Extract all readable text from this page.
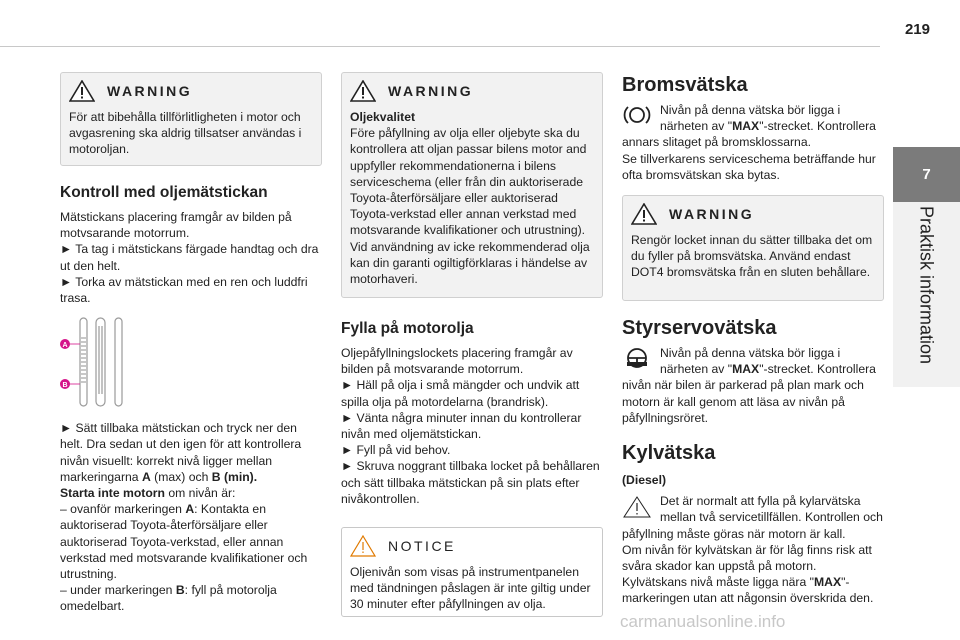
219
7
Praktisk information
WARNING
För att bibehålla tillförlitligheten i motor och avgasrening ska aldrig tillsatser användas i motoroljan.
Kontroll med oljemätstickan
Mätstickans placering framgår av bilden på motvsarande motorrum.
► Ta tag i mätstickans färgade handtag och dra ut den helt.
► Torka av mätstickan med en ren och luddfri trasa.
A
B
► Sätt tillbaka mätstickan och tryck ner den helt. Dra sedan ut den igen för att kontrollera nivån visuellt: korrekt nivå ligger mellan markeringarna A (max) och B (min).
Starta inte motorn om nivån är:
– ovanför markeringen A: Kontakta en auktoriserad Toyota-återförsäljare eller auktoriserad Toyota-verkstad, eller annan verkstad med motsvarande kvalifikationer och utrustning.
– under markeringen B: fyll på motorolja omedelbart.
WARNING
Oljekvalitet
Före påfyllning av olja eller oljebyte ska du kontrollera att oljan passar bilens motor and uppfyller rekommendationerna i bilens serviceschema (eller från din auktoriserade Toyota-återförsäljare eller auktoriserad Toyota-verkstad eller annan verkstad med motsvarande kvalifikationer och utrustning). Vid användning av icke rekommenderad olja kan din garanti ogiltigförklaras i händelse av motorhaveri.
Fylla på motorolja
Oljepåfyllningslockets placering framgår av bilden på motsvarande motorrum.
► Häll på olja i små mängder och undvik att spilla olja på motordelarna (brandrisk).
► Vänta några minuter innan du kontrollerar nivån med oljemätstickan.
► Fyll på vid behov.
► Skruva noggrant tillbaka locket på behållaren och sätt tillbaka mätstickan på sin plats efter nivåkontrollen.
NOTICE
Oljenivån som visas på instrumentpanelen med tändningen påslagen är inte giltig under 30 minuter efter påfyllningen av olja.
Bromsvätska
Nivån på denna vätska bör ligga i närheten av "MAX"-strecket. Kontrollera annars slitaget på bromsklossarna.
Se tillverkarens serviceschema beträffande hur ofta bromsvätskan ska bytas.
WARNING
Rengör locket innan du sätter tillbaka det om du fyller på bromsvätska. Använd endast DOT4 bromsvätska från en sluten behållare.
Styrservovätska
Nivån på denna vätska bör ligga i närheten av "MAX"-strecket. Kontrollera nivån när bilen är parkerad på plan mark och motorn är kall genom att läsa av nivån på påfyllningsröret.
Kylvätska
(Diesel)
Det är normalt att fylla på kylarvätska mellan två servicetillfällen. Kontrollen och påfyllning måste göras när motorn är kall.
Om nivån för kylvätskan är för låg finns risk att svåra skador kan uppstå på motorn. Kylvätskans nivå måste ligga nära "MAX"-markeringen utan att någonsin överskrida den.
carmanualsonline.info
